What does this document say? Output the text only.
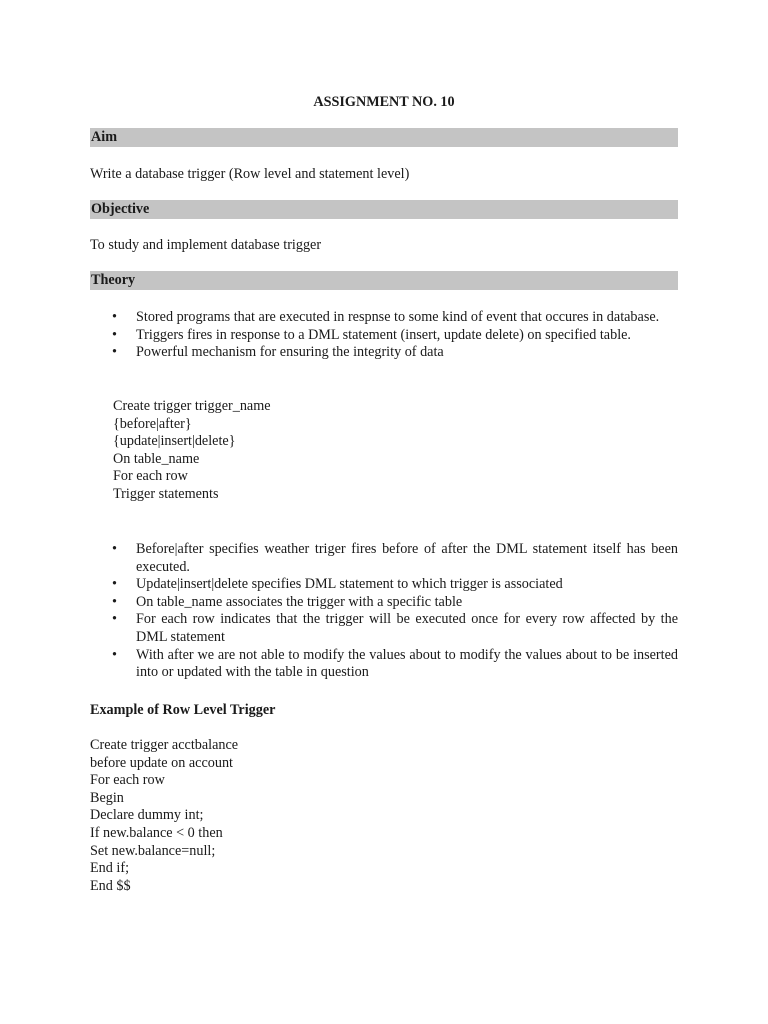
ASSIGNMENT NO. 10
Aim
Write a database trigger (Row level and statement level)
Objective
To study and implement database trigger
Theory
• Stored programs that are executed in respnse to some kind of event that occures in database.
• Triggers fires in response to a DML statement (insert, update delete) on specified table.
• Powerful mechanism for ensuring the integrity of data
Create trigger trigger_name
{before|after}
{update|insert|delete}
On table_name
For each row
Trigger statements
• Before|after specifies weather triger fires before of after the DML statement itself has been executed.
• Update|insert|delete specifies DML statement to which trigger is associated
• On table_name associates the trigger with a specific table
• For each row indicates that the trigger will be executed once for every row affected by the DML statement
• With after we are not able to modify the values about to modify the values about to be inserted into or updated with the table in question
Example of Row Level Trigger
Create trigger acctbalance
before update on account
For each row
Begin
Declare dummy int;
If new.balance < 0 then
Set new.balance=null;
End if;
End $$
